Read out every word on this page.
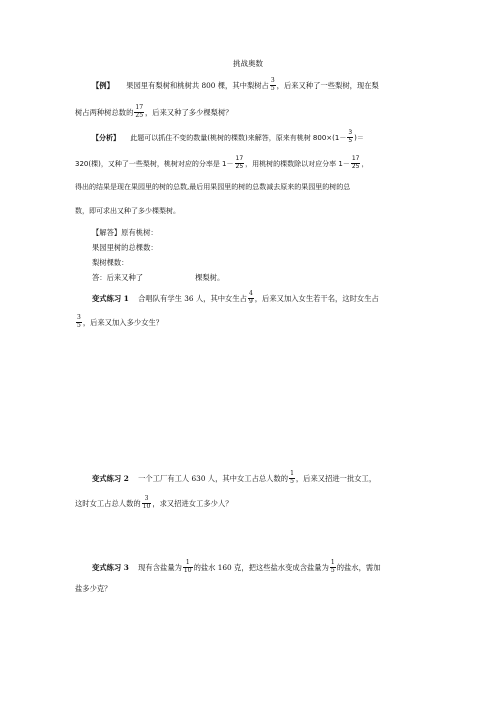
挑战奥数
【例】 果园里有梨树和桃树共 800 棵，其中梨树占 $\frac{3}{5}$ ，后来又种了一些梨树，现在梨
树占两种树总数的 $\frac{17}{25}$ ，后来又种了多少棵梨树？
【分析】 此题可以抓住不变的数量(桃树的棵数)来解答，原来有桃树 $800\times(1- \frac{3}{5}$ )＝
320(棵)，又种了一些梨树，桃树对应的分率是 $1- \frac{17}{25}$ ，用桃树的棵数除以对应分率 $1- \frac{17}{25}$ ，
得出的结果是现在果园里的树的总数,最后用果园里的树的总数减去原来的果园里的树的总
数，即可求出又种了多少棵梨树。
【解答】原有桃树：
果园里树的总棵数：
梨树棵数：
答：后来又种了	棵梨树。
变式练习 1 合唱队有学生 36 人，其中女生占 $\frac{4}{9}$ ，后来又加入女生若干名，这时女生占
$\frac{3}{5}$ ，后来又加入多少女生？
变式练习 2 一个工厂有工人 630 人，其中女工占总人数的 $\frac{1}{5}$ ，后来又招进一批女工，
这时女工占总人数的 $\frac{3}{10}$ ，求又招进女工多少人？
变式练习 3 现有含盐量为 $\frac{1}{10}$ 的盐水 160 克，把这些盐水变成含盐量为 $\frac{1}{5}$ 的盐水，需加
盐多少克？
